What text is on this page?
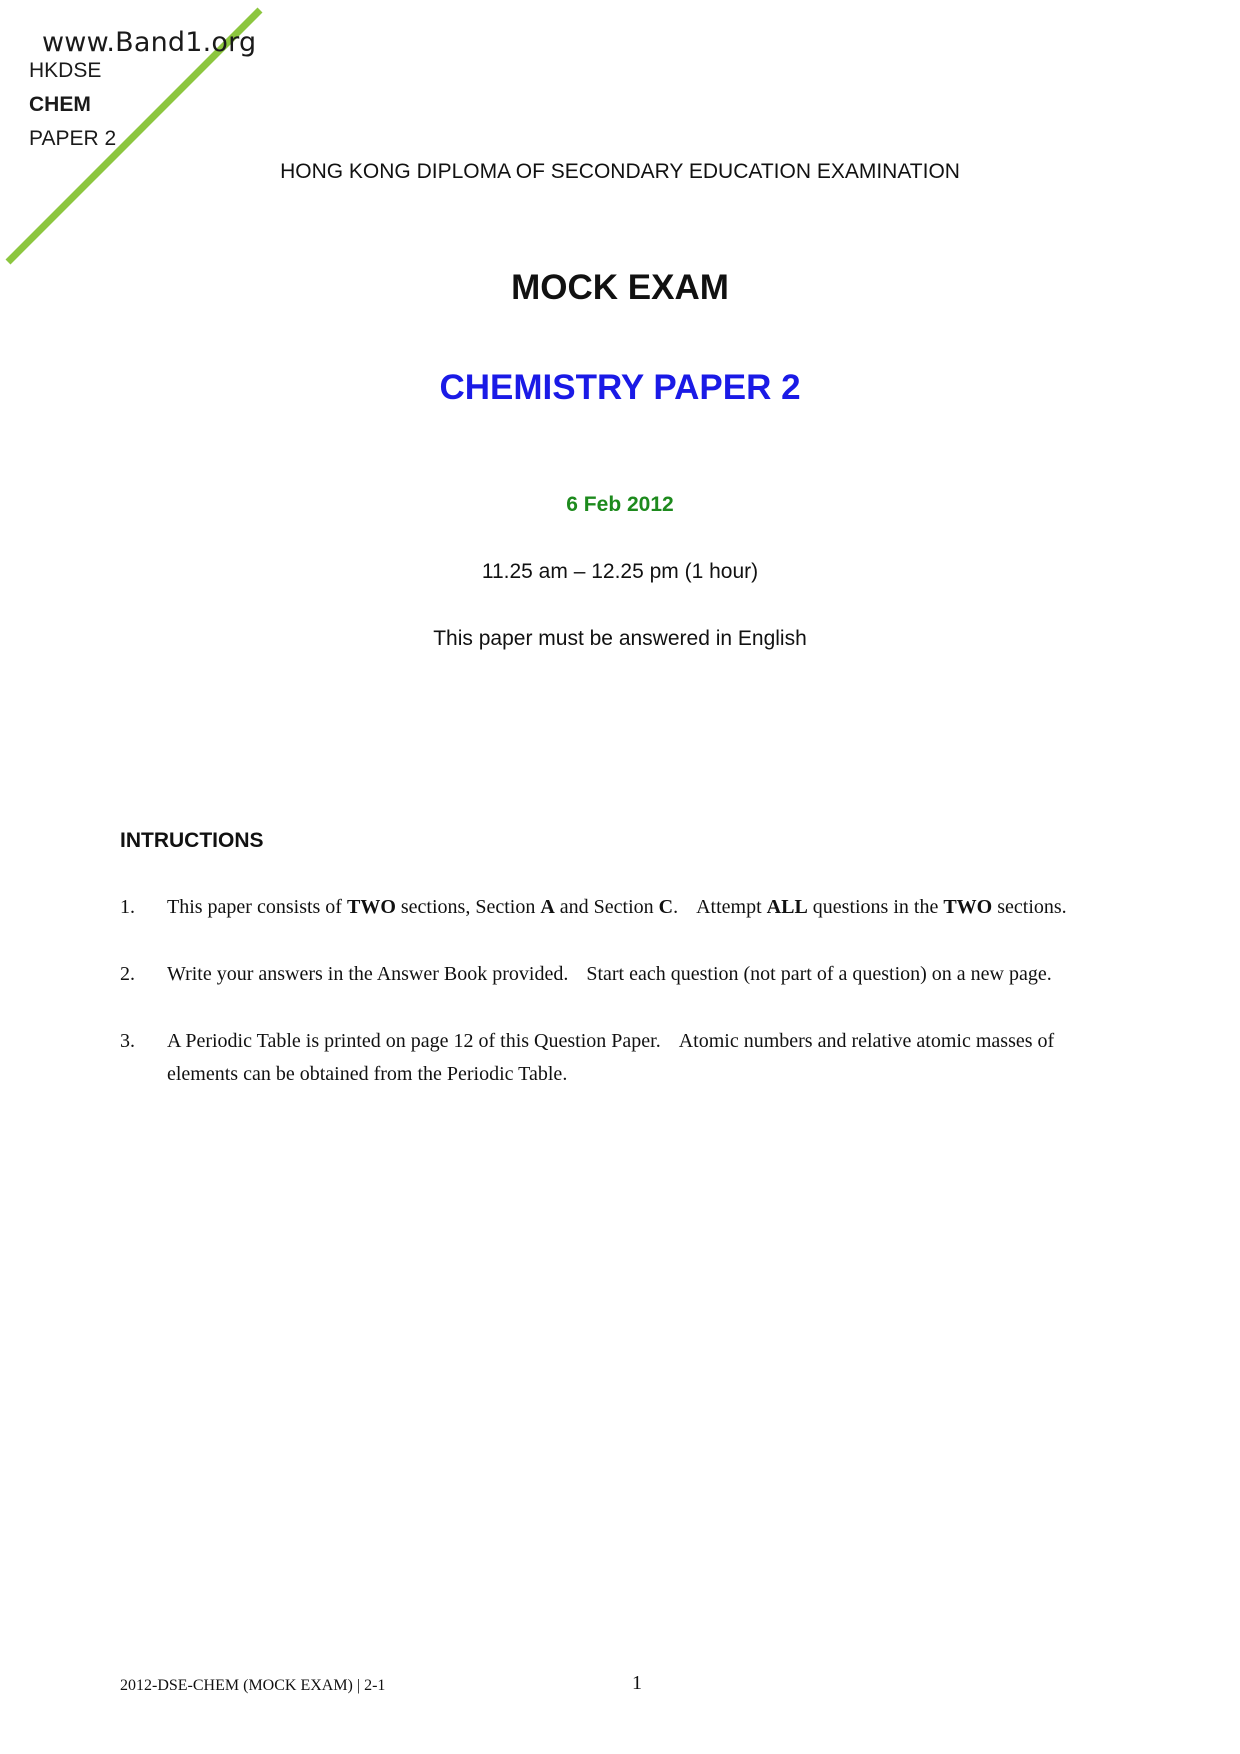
www.Band1.org
HKDSE
CHEM
PAPER 2
HONG KONG DIPLOMA OF SECONDARY EDUCATION EXAMINATION
MOCK EXAM
CHEMISTRY PAPER 2
6 Feb 2012
11.25 am – 12.25 pm (1 hour)
This paper must be answered in English
INTRUCTIONS
1. This paper consists of TWO sections, Section A and Section C. Attempt ALL questions in the TWO sections.
2. Write your answers in the Answer Book provided. Start each question (not part of a question) on a new page.
3. A Periodic Table is printed on page 12 of this Question Paper. Atomic numbers and relative atomic masses of elements can be obtained from the Periodic Table.
2012-DSE-CHEM (MOCK EXAM) | 2-1	1
